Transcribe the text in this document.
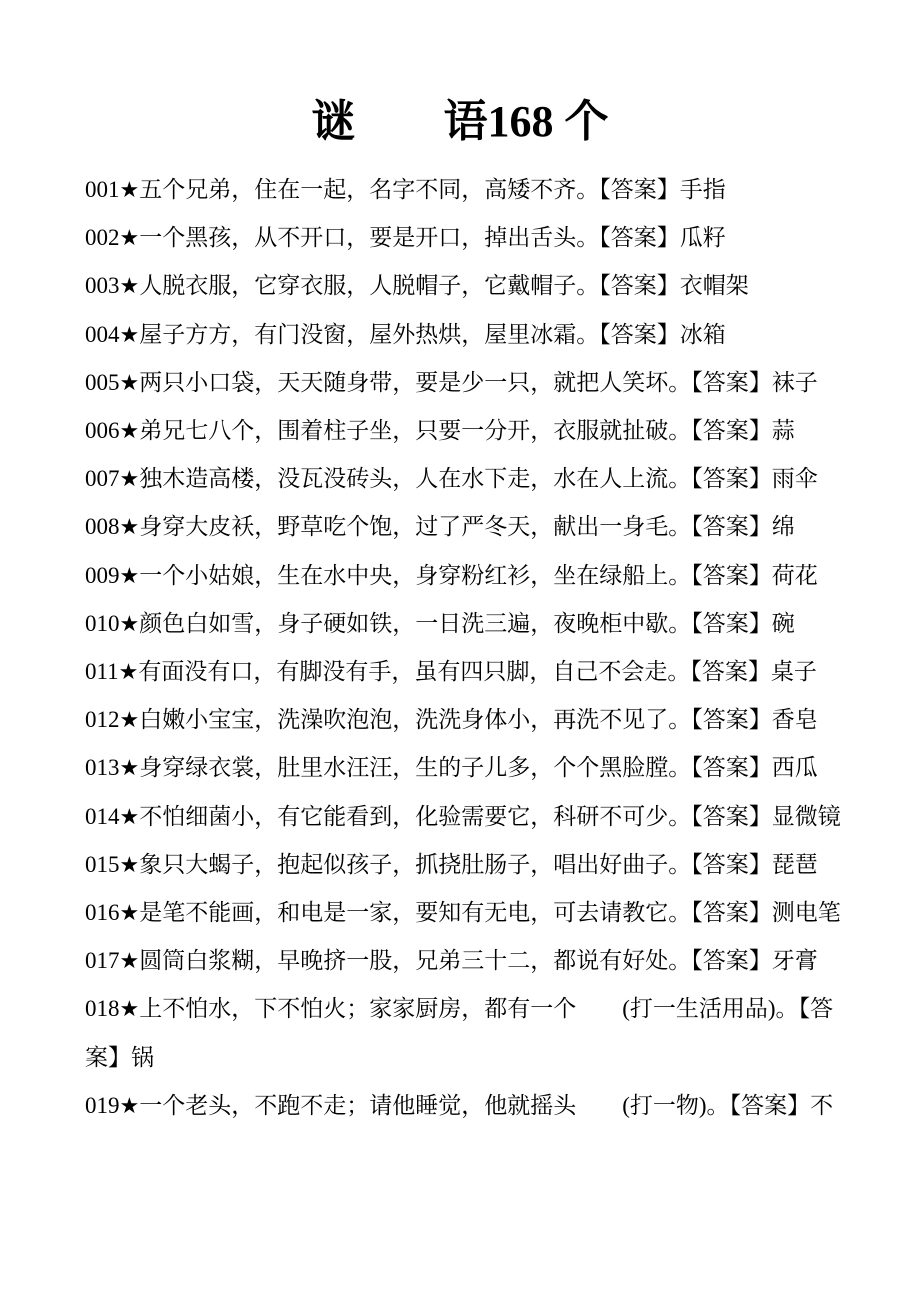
谜　　语168 个

001★五个兄弟，住在一起，名字不同，高矮不齐。【答案】手指

002★一个黑孩，从不开口，要是开口，掉出舌头。【答案】瓜籽

003★人脱衣服，它穿衣服，人脱帽子，它戴帽子。【答案】衣帽架

004★屋子方方，有门没窗，屋外热烘，屋里冰霜。【答案】冰箱

005★两只小口袋，天天随身带，要是少一只，就把人笑坏。【答案】袜子

006★弟兄七八个，围着柱子坐，只要一分开，衣服就扯破。【答案】蒜

007★独木造高楼，没瓦没砖头，人在水下走，水在人上流。【答案】雨伞

008★身穿大皮袄，野草吃个饱，过了严冬天，献出一身毛。【答案】绵

009★一个小姑娘，生在水中央，身穿粉红衫，坐在绿船上。【答案】荷花

010★颜色白如雪，身子硬如铁，一日洗三遍，夜晚柜中歇。【答案】碗

011★有面没有口，有脚没有手，虽有四只脚，自己不会走。【答案】桌子

012★白嫩小宝宝，洗澡吹泡泡，洗洗身体小，再洗不见了。【答案】香皂

013★身穿绿衣裳，肚里水汪汪，生的子儿多，个个黑脸膛。【答案】西瓜

014★不怕细菌小，有它能看到，化验需要它，科研不可少。【答案】显微镜

015★象只大蝎子，抱起似孩子，抓挠肚肠子，唱出好曲子。【答案】琵琶

016★是笔不能画，和电是一家，要知有无电，可去请教它。【答案】测电笔

017★圆筒白浆糊，早晚挤一股，兄弟三十二，都说有好处。【答案】牙膏

018★上不怕水，下不怕火；家家厨房，都有一个　　(打一生活用品)。【答案】锅

019★一个老头，不跑不走；请他睡觉，他就摇头　　(打一物)。【答案】不
